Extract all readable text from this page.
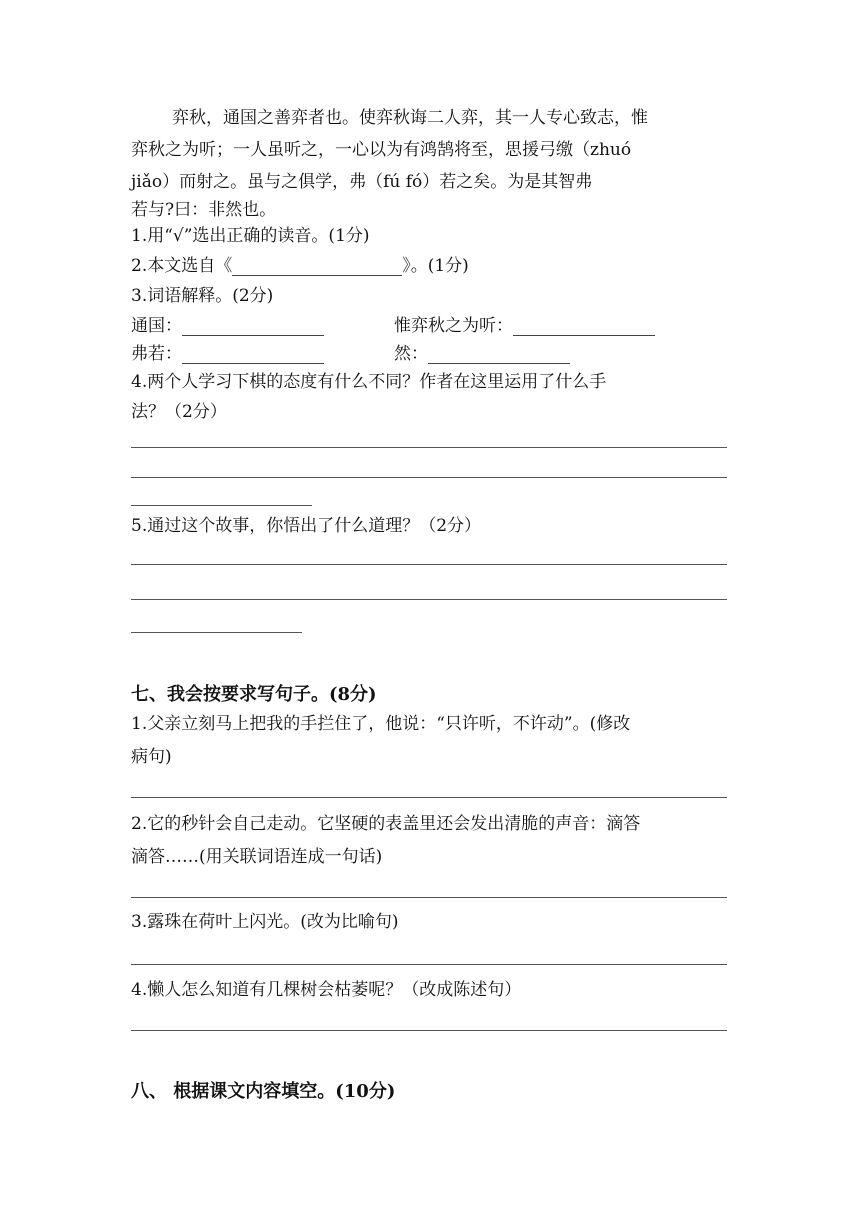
弈秋，通国之善弈者也。使弈秋诲二人弈，其一人专心致志，惟
弈秋之为听；一人虽听之，一心以为有鸿鹄将至，思援弓缴（zhuó
jiǎo）而射之。虽与之俱学，弗（fú fó）若之矣。为是其智弗
若与?曰：非然也。
1.用“√”选出正确的读音。(1分)
2.本文选自《	》。(1分)
3.词语解释。(2分)
通国：	惟弈秋之为听：
弗若：	然：
4.两个人学习下棋的态度有什么不同？作者在这里运用了什么手
法？（2分）
5.通过这个故事，你悟出了什么道理？（2分）
七、我会按要求写句子。(8分)
1.父亲立刻马上把我的手拦住了，他说：“只许听，不许动”。(修改
病句)
2.它的秒针会自己走动。它坚硬的表盖里还会发出清脆的声音：滴答
滴答……(用关联词语连成一句话)
3.露珠在荷叶上闪光。(改为比喻句)
4.懒人怎么知道有几棵树会枯萎呢？（改成陈述句）
八、 根据课文内容填空。(10分)
